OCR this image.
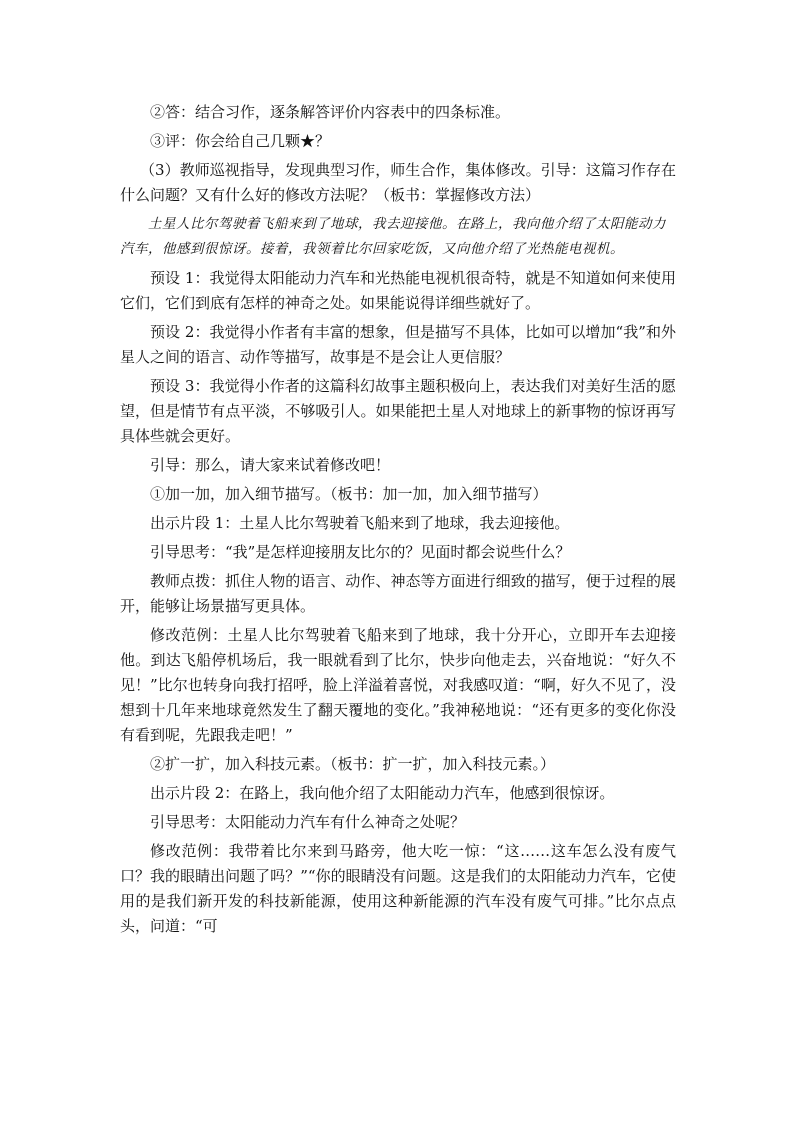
②答：结合习作，逐条解答评价内容表中的四条标准。

③评：你会给自己几颗★？

（3）教师巡视指导，发现典型习作，师生合作，集体修改。引导：这篇习作存在什么问题？又有什么好的修改方法呢？（板书：掌握修改方法）

土星人比尔驾驶着飞船来到了地球，我去迎接他。在路上，我向他介绍了太阳能动力汽车，他感到很惊讶。接着，我领着比尔回家吃饭，又向他介绍了光热能电视机。

预设 1：我觉得太阳能动力汽车和光热能电视机很奇特，就是不知道如何来使用它们，它们到底有怎样的神奇之处。如果能说得详细些就好了。

预设 2：我觉得小作者有丰富的想象，但是描写不具体，比如可以增加“我”和外星人之间的语言、动作等描写，故事是不是会让人更信服？

预设 3：我觉得小作者的这篇科幻故事主题积极向上，表达我们对美好生活的愿望，但是情节有点平淡，不够吸引人。如果能把土星人对地球上的新事物的惊讶再写具体些就会更好。

引导：那么，请大家来试着修改吧！

①加一加，加入细节描写。（板书：加一加，加入细节描写）

出示片段 1：土星人比尔驾驶着飞船来到了地球，我去迎接他。

引导思考：“我”是怎样迎接朋友比尔的？见面时都会说些什么？

教师点拨：抓住人物的语言、动作、神态等方面进行细致的描写，便于过程的展开，能够让场景描写更具体。

修改范例：土星人比尔驾驶着飞船来到了地球，我十分开心，立即开车去迎接他。到达飞船停机场后，我一眼就看到了比尔，快步向他走去，兴奋地说：“好久不见！”比尔也转身向我打招呼，脸上洋溢着喜悦，对我感叹道：“啊，好久不见了，没想到十几年来地球竟然发生了翻天覆地的变化。”我神秘地说：“还有更多的变化你没有看到呢，先跟我走吧！”

②扩一扩，加入科技元素。（板书：扩一扩，加入科技元素。）

出示片段 2：在路上，我向他介绍了太阳能动力汽车，他感到很惊讶。

引导思考：太阳能动力汽车有什么神奇之处呢？

修改范例：我带着比尔来到马路旁，他大吃一惊：“这……这车怎么没有废气口？我的眼睛出问题了吗？”“你的眼睛没有问题。这是我们的太阳能动力汽车，它使用的是我们新开发的科技新能源，使用这种新能源的汽车没有废气可排。”比尔点点头，问道：“可
